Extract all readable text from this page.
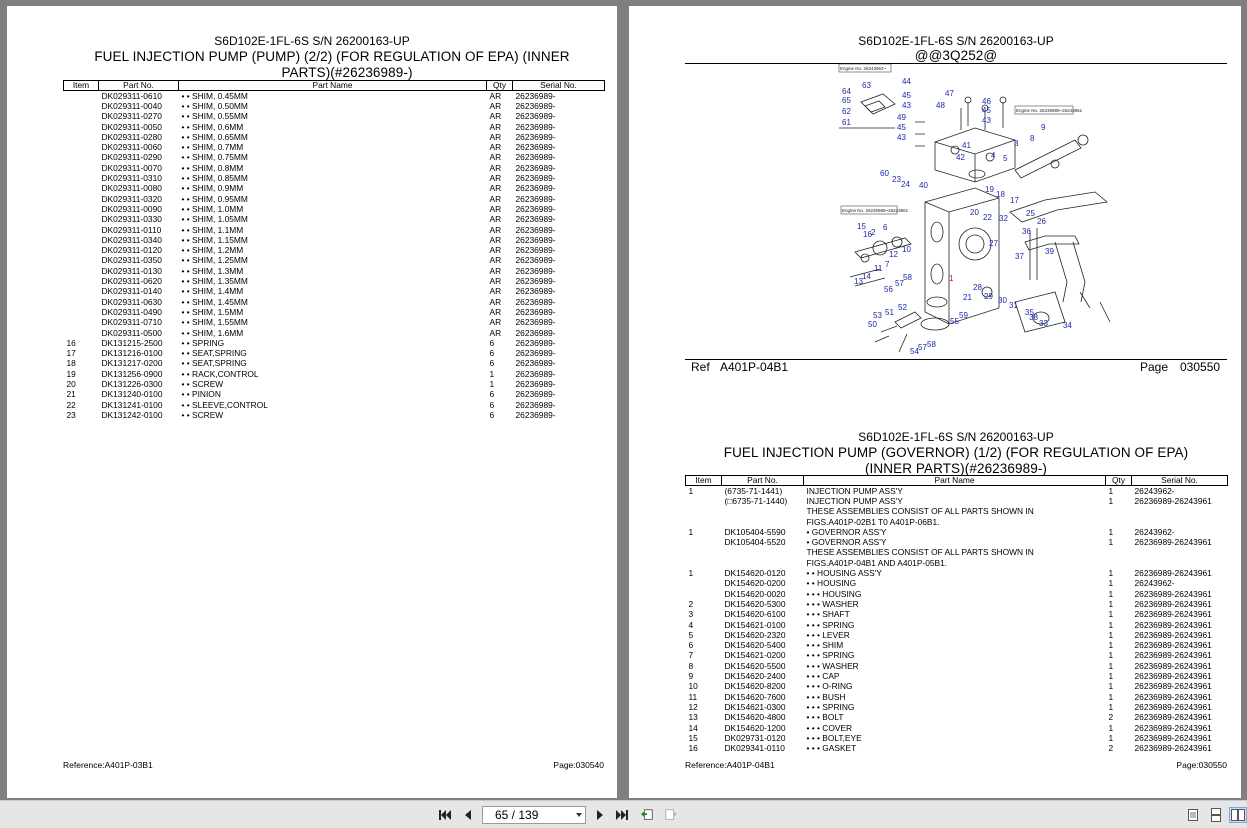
S6D102E-1FL-6S S/N 26200163-UP
FUEL INJECTION PUMP (PUMP) (2/2) (FOR REGULATION OF EPA) (INNER
PARTS)(#26236989-)
Item	Part No.	Part Name	Qty	Serial No.
	DK029311-0610	• • SHIM, 0.45MM	AR	26236989-
	DK029311-0040	• • SHIM, 0.50MM	AR	26236989-
	DK029311-0270	• • SHIM, 0.55MM	AR	26236989-
	DK029311-0050	• • SHIM, 0.6MM	AR	26236989-
	DK029311-0280	• • SHIM, 0.65MM	AR	26236989-
	DK029311-0060	• • SHIM, 0.7MM	AR	26236989-
	DK029311-0290	• • SHIM, 0.75MM	AR	26236989-
	DK029311-0070	• • SHIM, 0.8MM	AR	26236989-
	DK029311-0310	• • SHIM, 0.85MM	AR	26236989-
	DK029311-0080	• • SHIM, 0.9MM	AR	26236989-
	DK029311-0320	• • SHIM, 0.95MM	AR	26236989-
	DK029311-0090	• • SHIM, 1.0MM	AR	26236989-
	DK029311-0330	• • SHIM, 1.05MM	AR	26236989-
	DK029311-0110	• • SHIM, 1.1MM	AR	26236989-
	DK029311-0340	• • SHIM, 1.15MM	AR	26236989-
	DK029311-0120	• • SHIM, 1.2MM	AR	26236989-
	DK029311-0350	• • SHIM, 1.25MM	AR	26236989-
	DK029311-0130	• • SHIM, 1.3MM	AR	26236989-
	DK029311-0620	• • SHIM, 1.35MM	AR	26236989-
	DK029311-0140	• • SHIM, 1.4MM	AR	26236989-
	DK029311-0630	• • SHIM, 1.45MM	AR	26236989-
	DK029311-0490	• • SHIM, 1.5MM	AR	26236989-
	DK029311-0710	• • SHIM, 1.55MM	AR	26236989-
	DK029311-0500	• • SHIM, 1.6MM	AR	26236989-
16	DK131215-2500	• • SPRING	6	26236989-
17	DK131216-0100	• • SEAT,SPRING	6	26236989-
18	DK131217-0200	• • SEAT,SPRING	6	26236989-
19	DK131256-0900	• • RACK,CONTROL	1	26236989-
20	DK131226-0300	• • SCREW	1	26236989-
21	DK131240-0100	• • PINION	6	26236989-
22	DK131241-0100	• • SLEEVE,CONTROL	6	26236989-
23	DK131242-0100	• • SCREW	6	26236989-
Reference:A401P-03B1	Page:030540
S6D102E-1FL-6S S/N 26200163-UP
@@3Q252@
44
63
64
65
62
61
45
43
49
45
43
47
48	46
45
43
41
42
9
8
3
5
4
60
23
24 40	19
18
17
25
26
20
22 32
36
15
16 2
6
12
10
11 7
14
13
27
37
39
58
57
56
1
28
29
21	30
31
35
38
33 34
53 51
52
50	55
59
54 57 58
Engine No. 26243962~
Engine No. 26236989~26243961
Engine No. 26236989~26243961
Ref A401P-04B1	Page 030550
S6D102E-1FL-6S S/N 26200163-UP
FUEL INJECTION PUMP (GOVERNOR) (1/2) (FOR REGULATION OF EPA)
(INNER PARTS)(#26236989-)
Item	Part No.	Part Name	Qty	Serial No.
1	(6735-71-1441)	INJECTION PUMP ASS'Y	1	26243962-
	(□6735-71-1440)	INJECTION PUMP ASS'Y	1	26236989-26243961
		THESE ASSEMBLIES CONSIST OF ALL PARTS SHOWN IN		
		FIGS.A401P-02B1 T0 A401P-06B1.		
1	DK105404-5590	• GOVERNOR ASS'Y	1	26243962-
	DK105404-5520	• GOVERNOR ASS'Y	1	26236989-26243961
		THESE ASSEMBLIES CONSIST OF ALL PARTS SHOWN IN		
		FIGS.A401P-04B1 AND A401P-05B1.		
1	DK154620-0120	• • HOUSING ASS'Y	1	26236989-26243961
	DK154620-0200	• • HOUSING	1	26243962-
	DK154620-0020	• • • HOUSING	1	26236989-26243961
2	DK154620-5300	• • • WASHER	1	26236989-26243961
3	DK154620-6100	• • • SHAFT	1	26236989-26243961
4	DK154621-0100	• • • SPRING	1	26236989-26243961
5	DK154620-2320	• • • LEVER	1	26236989-26243961
6	DK154620-5400	• • • SHIM	1	26236989-26243961
7	DK154621-0200	• • • SPRING	1	26236989-26243961
8	DK154620-5500	• • • WASHER	1	26236989-26243961
9	DK154620-2400	• • • CAP	1	26236989-26243961
10	DK154620-8200	• • • O-RING	1	26236989-26243961
11	DK154620-7600	• • • BUSH	1	26236989-26243961
12	DK154621-0300	• • • SPRING	1	26236989-26243961
13	DK154620-4800	• • • BOLT	2	26236989-26243961
14	DK154620-1200	• • • COVER	1	26236989-26243961
15	DK029731-0120	• • • BOLT,EYE	1	26236989-26243961
16	DK029341-0110	• • • GASKET	2	26236989-26243961
Reference:A401P-04B1	Page:030550
65 / 139
